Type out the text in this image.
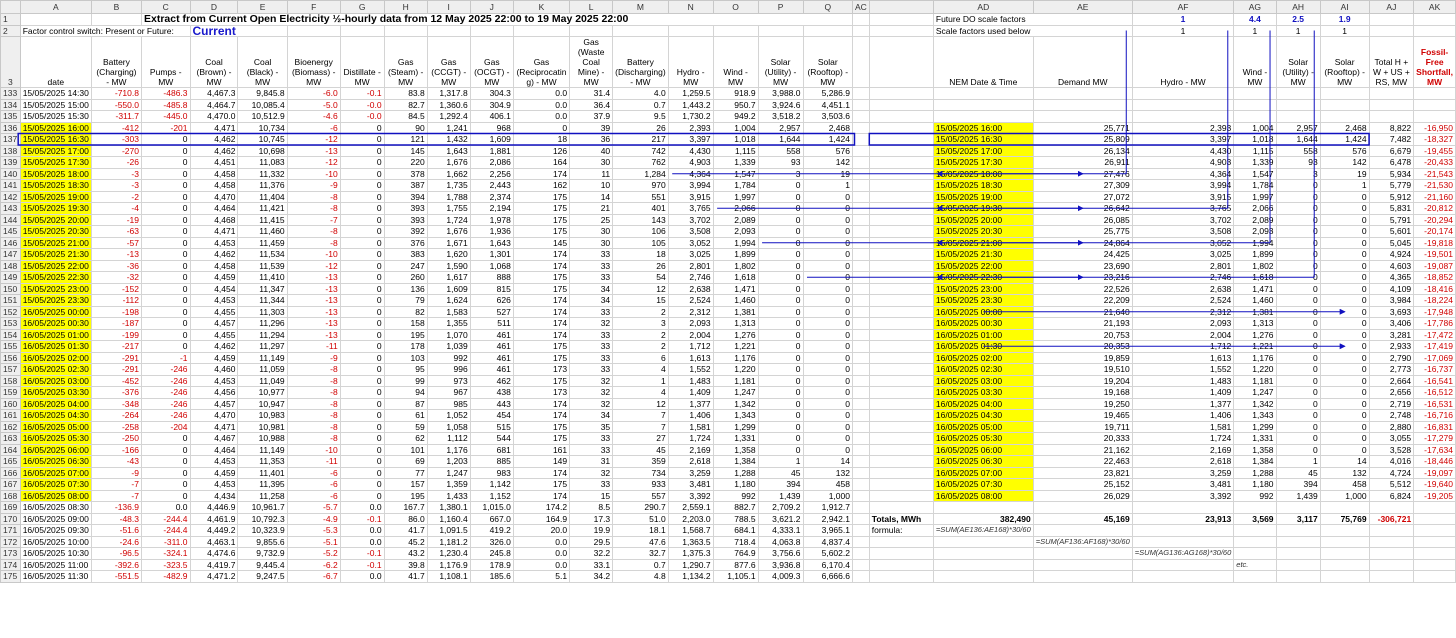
	A	B	C	D	E	F	G	H	I	J	K	L	M	N	O	P	Q	AC		AD	AE	AF	AG	AH	AI	AJ	AK
1			Extract from Current Open Electricity ½-hourly data from 12 May 2025 22:00 to 19 May 2025 22:00																	Future DO scale factors		1	4.4	2.5	1.9		
2	Factor control switch: Present or Future:			Current																Scale factors used below		1	1	1	1		
3	date	Battery (Charging) - MW	Pumps - MW	Coal (Brown) - MW	Coal (Black) - MW	Bioenergy (Biomass) - MW	Distillate - MW	Gas (Steam) - MW	Gas (CCGT) - MW	Gas (OCGT) - MW	Gas (Reciprocatin g) - MW	Gas (Waste Coal Mine) - MW	Battery (Discharging) - MW	Hydro - MW	Wind - MW	Solar (Utility) - MW	Solar (Rooftop) - MW			NEM Date & Time	Demand MW	Hydro - MW	Wind - MW	Solar (Utility) - MW	Solar (Rooftop) - MW	Total H + W + US + RS, MW	Fossil-Free Shortfall, MW
133	15/05/2025 14:30	-710.8	-486.3	4,467.3	9,845.8	-6.0	-0.1	83.8	1,317.8	304.3	0.0	31.4	4.0	1,259.5	918.9	3,988.0	5,286.9										
134	15/05/2025 15:00	-550.0	-485.8	4,464.7	10,085.4	-5.0	-0.0	82.7	1,360.6	304.9	0.0	36.4	0.7	1,443.2	950.7	3,924.6	4,451.1										
135	15/05/2025 15:30	-311.7	-445.0	4,470.0	10,512.9	-4.6	-0.0	84.5	1,292.4	406.1	0.0	37.9	9.5	1,730.2	949.2	3,518.2	3,503.6										
136	15/05/2025 16:00	-412	-201	4,471	10,734	-6	0	90	1,241	968	0	39	26	2,393	1,004	2,957	2,468			15/05/2025 16:00	25,771	2,393	1,004	2,957	2,468	8,822	-16,950
137	15/05/2025 16:30	-303	0	4,462	10,745	-12	0	121	1,432	1,609	18	36	217	3,397	1,018	1,644	1,424			15/05/2025 16:30	25,809	3,397	1,018	1,644	1,424	7,482	-18,327
138	15/05/2025 17:00	-270	0	4,462	10,698	-13	0	145	1,643	1,881	126	40	742	4,430	1,115	558	576			15/05/2025 17:00	26,134	4,430	1,115	558	576	6,679	-19,455
139	15/05/2025 17:30	-26	0	4,451	11,083	-12	0	220	1,676	2,086	164	30	762	4,903	1,339	93	142			15/05/2025 17:30	26,911	4,903	1,339	93	142	6,478	-20,433
140	15/05/2025 18:00	-3	0	4,458	11,332	-10	0	378	1,662	2,256	174	11	1,284	4,364	1,547	3	19			15/05/2025 18:00	27,476	4,364	1,547	3	19	5,934	-21,543
141	15/05/2025 18:30	-3	0	4,458	11,376	-9	0	387	1,735	2,443	162	10	970	3,994	1,784	0	1			15/05/2025 18:30	27,309	3,994	1,784	0	1	5,779	-21,530
142	15/05/2025 19:00	-2	0	4,470	11,404	-8	0	394	1,788	2,374	175	14	551	3,915	1,997	0	0			15/05/2025 19:00	27,072	3,915	1,997	0	0	5,912	-21,160
143	15/05/2025 19:30	-4	0	4,464	11,421	-8	0	393	1,755	2,194	175	21	401	3,765	2,066	0	0			15/05/2025 19:30	26,642	3,765	2,066	0	0	5,831	-20,812
144	15/05/2025 20:00	-19	0	4,468	11,415	-7	0	393	1,724	1,978	175	25	143	3,702	2,089	0	0			15/05/2025 20:00	26,085	3,702	2,089	0	0	5,791	-20,294
145	15/05/2025 20:30	-63	0	4,471	11,460	-8	0	392	1,676	1,936	175	30	106	3,508	2,093	0	0			15/05/2025 20:30	25,775	3,508	2,093	0	0	5,601	-20,174
146	15/05/2025 21:00	-57	0	4,453	11,459	-8	0	376	1,671	1,643	145	30	105	3,052	1,994	0	0			15/05/2025 21:00	24,864	3,052	1,994	0	0	5,045	-19,818
147	15/05/2025 21:30	-13	0	4,462	11,534	-10	0	383	1,620	1,301	174	33	18	3,025	1,899	0	0			15/05/2025 21:30	24,425	3,025	1,899	0	0	4,924	-19,501
148	15/05/2025 22:00	-36	0	4,458	11,539	-12	0	247	1,590	1,068	174	33	26	2,801	1,802	0	0			15/05/2025 22:00	23,690	2,801	1,802	0	0	4,603	-19,087
149	15/05/2025 22:30	-32	0	4,459	11,410	-13	0	260	1,617	888	175	33	54	2,746	1,618	0	0			15/05/2025 22:30	23,216	2,746	1,618	0	0	4,365	-18,852
150	15/05/2025 23:00	-152	0	4,454	11,347	-13	0	136	1,609	815	175	34	12	2,638	1,471	0	0			15/05/2025 23:00	22,526	2,638	1,471	0	0	4,109	-18,416
151	15/05/2025 23:30	-112	0	4,453	11,344	-13	0	79	1,624	626	174	34	15	2,524	1,460	0	0			15/05/2025 23:30	22,209	2,524	1,460	0	0	3,984	-18,224
152	16/05/2025 00:00	-198	0	4,455	11,303	-13	0	82	1,583	527	174	33	2	2,312	1,381	0	0			16/05/2025 00:00	21,640	2,312	1,381	0	0	3,693	-17,948
153	16/05/2025 00:30	-187	0	4,457	11,296	-13	0	158	1,355	511	174	32	3	2,093	1,313	0	0			16/05/2025 00:30	21,193	2,093	1,313	0	0	3,406	-17,786
154	16/05/2025 01:00	-199	0	4,455	11,294	-13	0	195	1,070	461	174	33	2	2,004	1,276	0	0			16/05/2025 01:00	20,753	2,004	1,276	0	0	3,281	-17,472
155	16/05/2025 01:30	-217	0	4,462	11,297	-11	0	178	1,039	461	175	33	2	1,712	1,221	0	0			16/05/2025 01:30	20,353	1,712	1,221	0	0	2,933	-17,419
156	16/05/2025 02:00	-291	-1	4,459	11,149	-9	0	103	992	461	175	33	6	1,613	1,176	0	0			16/05/2025 02:00	19,859	1,613	1,176	0	0	2,790	-17,069
157	16/05/2025 02:30	-291	-246	4,460	11,059	-8	0	95	996	461	173	33	4	1,552	1,220	0	0			16/05/2025 02:30	19,510	1,552	1,220	0	0	2,773	-16,737
158	16/05/2025 03:00	-452	-246	4,453	11,049	-8	0	99	973	462	175	32	1	1,483	1,181	0	0			16/05/2025 03:00	19,204	1,483	1,181	0	0	2,664	-16,541
159	16/05/2025 03:30	-376	-246	4,456	10,977	-8	0	94	967	438	173	32	4	1,409	1,247	0	0			16/05/2025 03:30	19,168	1,409	1,247	0	0	2,656	-16,512
160	16/05/2025 04:00	-348	-246	4,457	10,947	-8	0	87	985	443	174	32	12	1,377	1,342	0	0			16/05/2025 04:00	19,250	1,377	1,342	0	0	2,719	-16,531
161	16/05/2025 04:30	-264	-246	4,470	10,983	-8	0	61	1,052	454	174	34	7	1,406	1,343	0	0			16/05/2025 04:30	19,465	1,406	1,343	0	0	2,748	-16,716
162	16/05/2025 05:00	-258	-204	4,471	10,981	-8	0	59	1,058	515	175	35	7	1,581	1,299	0	0			16/05/2025 05:00	19,711	1,581	1,299	0	0	2,880	-16,831
163	16/05/2025 05:30	-250	0	4,467	10,988	-8	0	62	1,112	544	175	33	27	1,724	1,331	0	0			16/05/2025 05:30	20,333	1,724	1,331	0	0	3,055	-17,279
164	16/05/2025 06:00	-166	0	4,464	11,149	-10	0	101	1,176	681	161	33	45	2,169	1,358	0	0			16/05/2025 06:00	21,162	2,169	1,358	0	0	3,528	-17,634
165	16/05/2025 06:30	-43	0	4,453	11,353	-11	0	69	1,203	885	149	31	359	2,618	1,384	1	14			16/05/2025 06:30	22,463	2,618	1,384	1	14	4,016	-18,446
166	16/05/2025 07:00	-9	0	4,459	11,401	-6	0	77	1,247	983	174	32	734	3,259	1,288	45	132			16/05/2025 07:00	23,821	3,259	1,288	45	132	4,724	-19,097
167	16/05/2025 07:30	-7	0	4,453	11,395	-6	0	157	1,359	1,142	175	33	933	3,481	1,180	394	458			16/05/2025 07:30	25,152	3,481	1,180	394	458	5,512	-19,640
168	16/05/2025 08:00	-7	0	4,434	11,258	-6	0	195	1,433	1,152	174	15	557	3,392	992	1,439	1,000			16/05/2025 08:00	26,029	3,392	992	1,439	1,000	6,824	-19,205
169	16/05/2025 08:30	-136.9	0.0	4,446.9	10,961.7	-5.7	0.0	167.7	1,380.1	1,015.0	174.2	8.5	290.7	2,559.1	882.7	2,709.2	1,912.7										
170	16/05/2025 09:00	-48.3	-244.4	4,461.9	10,792.3	-4.9	-0.1	86.0	1,160.4	667.0	164.9	17.3	51.0	2,203.0	788.5	3,621.2	2,942.1		Totals, MWh	382,490	45,169	23,913	3,569	3,117	75,769	-306,721	
171	16/05/2025 09:30	-51.6	-244.4	4,449.2	10,323.9	-5.3	0.0	41.7	1,091.5	419.2	20.0	19.9	18.1	1,568.7	684.1	4,333.1	3,965.1		formula:	=SUM(AE136:AE168)*30/60							
172	16/05/2025 10:00	-24.6	-311.0	4,463.1	9,855.6	-5.1	0.0	45.2	1,181.2	326.0	0.0	29.5	47.6	1,363.5	718.4	4,063.8	4,837.4				=SUM(AF136:AF168)*30/60						
173	16/05/2025 10:30	-96.5	-324.1	4,474.6	9,732.9	-5.2	-0.1	43.2	1,230.4	245.8	0.0	32.2	32.7	1,375.3	764.9	3,756.6	5,602.2					=SUM(AG136:AG168)*30/60					
174	16/05/2025 11:00	-392.6	-323.5	4,419.7	9,445.4	-6.2	-0.1	39.8	1,176.9	178.9	0.0	33.1	0.7	1,290.7	877.6	3,936.8	6,170.4						etc.				
175	16/05/2025 11:30	-551.5	-482.9	4,471.2	9,247.5	-6.7	0.0	41.7	1,108.1	185.6	5.1	34.2	4.8	1,134.2	1,105.1	4,009.3	6,666.6										
